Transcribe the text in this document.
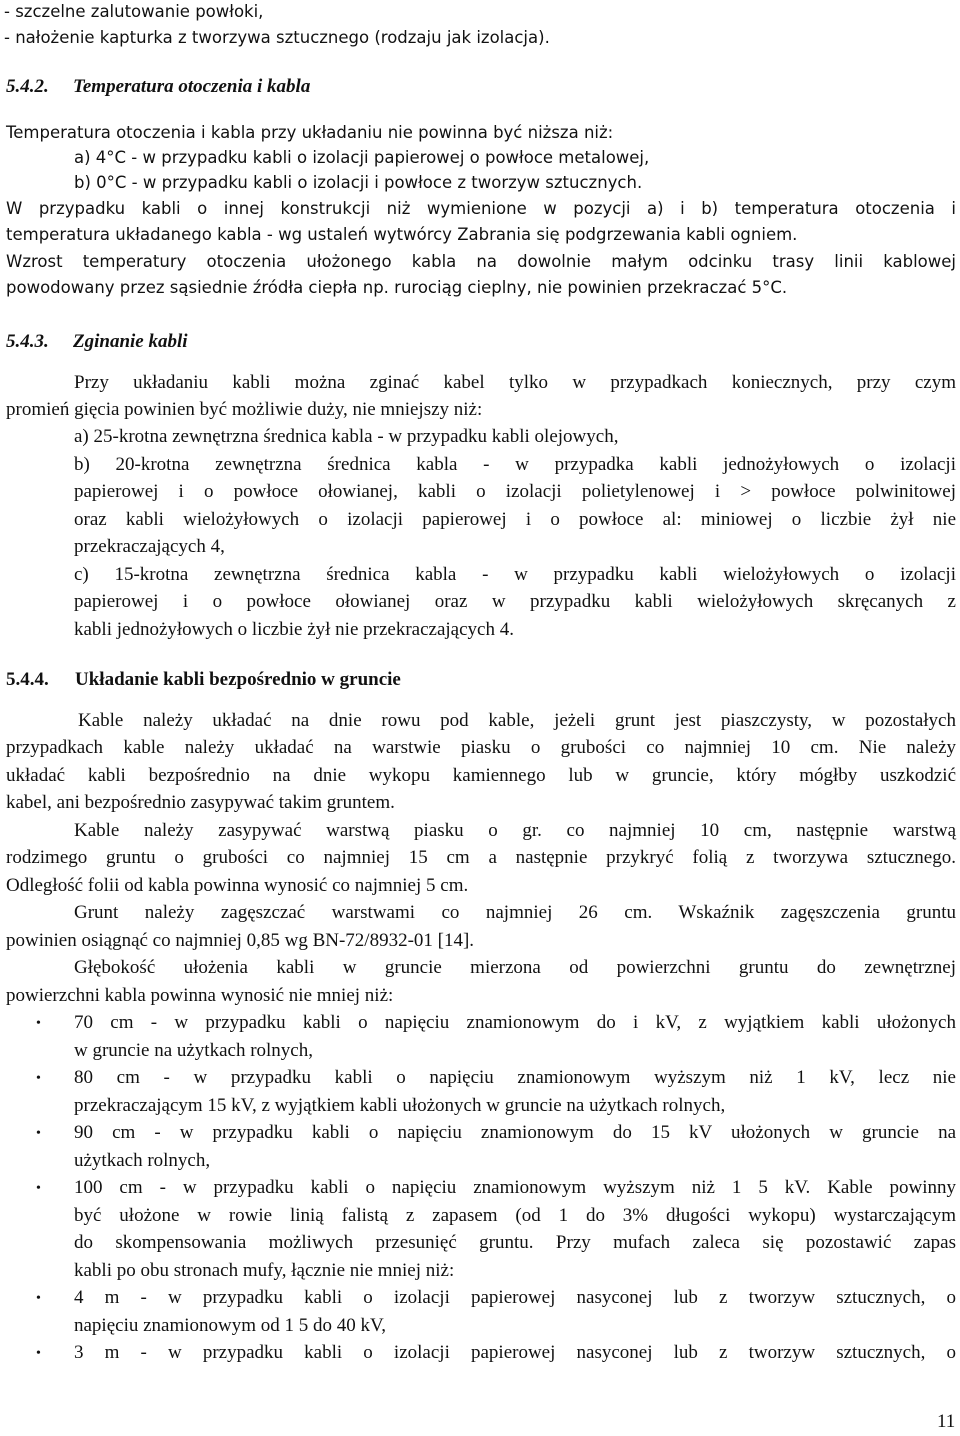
- szczelne zalutowanie powłoki,

- nałożenie kapturka z tworzywa sztucznego (rodzaju jak izolacja).

5.4.2. Temperatura otoczenia i kabla

Temperatura otoczenia i kabla przy układaniu nie powinna być niższa niż:

a) 4°C - w przypadku kabli o izolacji papierowej o powłoce metalowej,

b) 0°C - w przypadku kabli o izolacji i powłoce z tworzyw sztucznych.

W przypadku kabli o innej konstrukcji niż wymienione w pozycji a) i b) temperatura otoczenia i

temperatura układanego kabla - wg ustaleń wytwórcy Zabrania się podgrzewania kabli ogniem.

Wzrost temperatury otoczenia ułożonego kabla na dowolnie małym odcinku trasy linii kablowej

powodowany przez sąsiednie źródła ciepła np. rurociąg cieplny, nie powinien przekraczać 5°C.

5.4.3. Zginanie kabli

Przy układaniu kabli można zginać kabel tylko w przypadkach koniecznych, przy czym

promień gięcia powinien być możliwie duży, nie mniejszy niż:

a) 25-krotna zewnętrzna średnica kabla - w przypadku kabli olejowych,

b) 20-krotna zewnętrzna średnica kabla - w przypadka kabli jednożyłowych o izolacji

papierowej i o powłoce ołowianej, kabli o izolacji polietylenowej i > powłoce polwinitowej

oraz kabli wielożyłowych o izolacji papierowej i o powłoce al: miniowej o liczbie żył nie

przekraczających 4,

c) 15-krotna zewnętrzna średnica kabla - w przypadku kabli wielożyłowych o izolacji

papierowej i o powłoce ołowianej oraz w przypadku kabli wielożyłowych skręcanych z

kabli jednożyłowych o liczbie żył nie przekraczających 4.

5.4.4. Układanie kabli bezpośrednio w gruncie

Kable należy układać na dnie rowu pod kable, jeżeli grunt jest piaszczysty, w pozostałych

przypadkach kable należy układać na warstwie piasku o grubości co najmniej 10 cm. Nie należy

układać kabli bezpośrednio na dnie wykopu kamiennego lub w gruncie, który mógłby uszkodzić

kabel, ani bezpośrednio zasypywać takim gruntem.

Kable należy zasypywać warstwą piasku o gr. co najmniej 10 cm, następnie warstwą

rodzimego gruntu o grubości co najmniej 15 cm a następnie przykryć folią z tworzywa sztucznego.

Odległość folii od kabla powinna wynosić co najmniej 5 cm.

Grunt należy zagęszczać warstwami co najmniej 26 cm. Wskaźnik zagęszczenia gruntu

powinien osiągnąć co najmniej 0,85 wg BN-72/8932-01 [14].

Głębokość ułożenia kabli w gruncie mierzona od powierzchni gruntu do zewnętrznej

powierzchni kabla powinna wynosić nie mniej niż:

• 70 cm - w przypadku kabli o napięciu znamionowym do i kV, z wyjątkiem kabli ułożonych

w gruncie na użytkach rolnych,

• 80 cm - w przypadku kabli o napięciu znamionowym wyższym niż 1 kV, lecz nie

przekraczającym 15 kV, z wyjątkiem kabli ułożonych w gruncie na użytkach rolnych,

• 90 cm - w przypadku kabli o napięciu znamionowym do 15 kV ułożonych w gruncie na

użytkach rolnych,

• 100 cm - w przypadku kabli o napięciu znamionowym wyższym niż 1 5 kV. Kable powinny

być ułożone w rowie linią falistą z zapasem (od 1 do 3% długości wykopu) wystarczającym

do skompensowania możliwych przesunięć gruntu. Przy mufach zaleca się pozostawić zapas

kabli po obu stronach mufy, łącznie nie mniej niż:

• 4 m - w przypadku kabli o izolacji papierowej nasyconej lub z tworzyw sztucznych, o

napięciu znamionowym od 1 5 do 40 kV,

• 3 m - w przypadku kabli o izolacji papierowej nasyconej lub z tworzyw sztucznych, o

11
